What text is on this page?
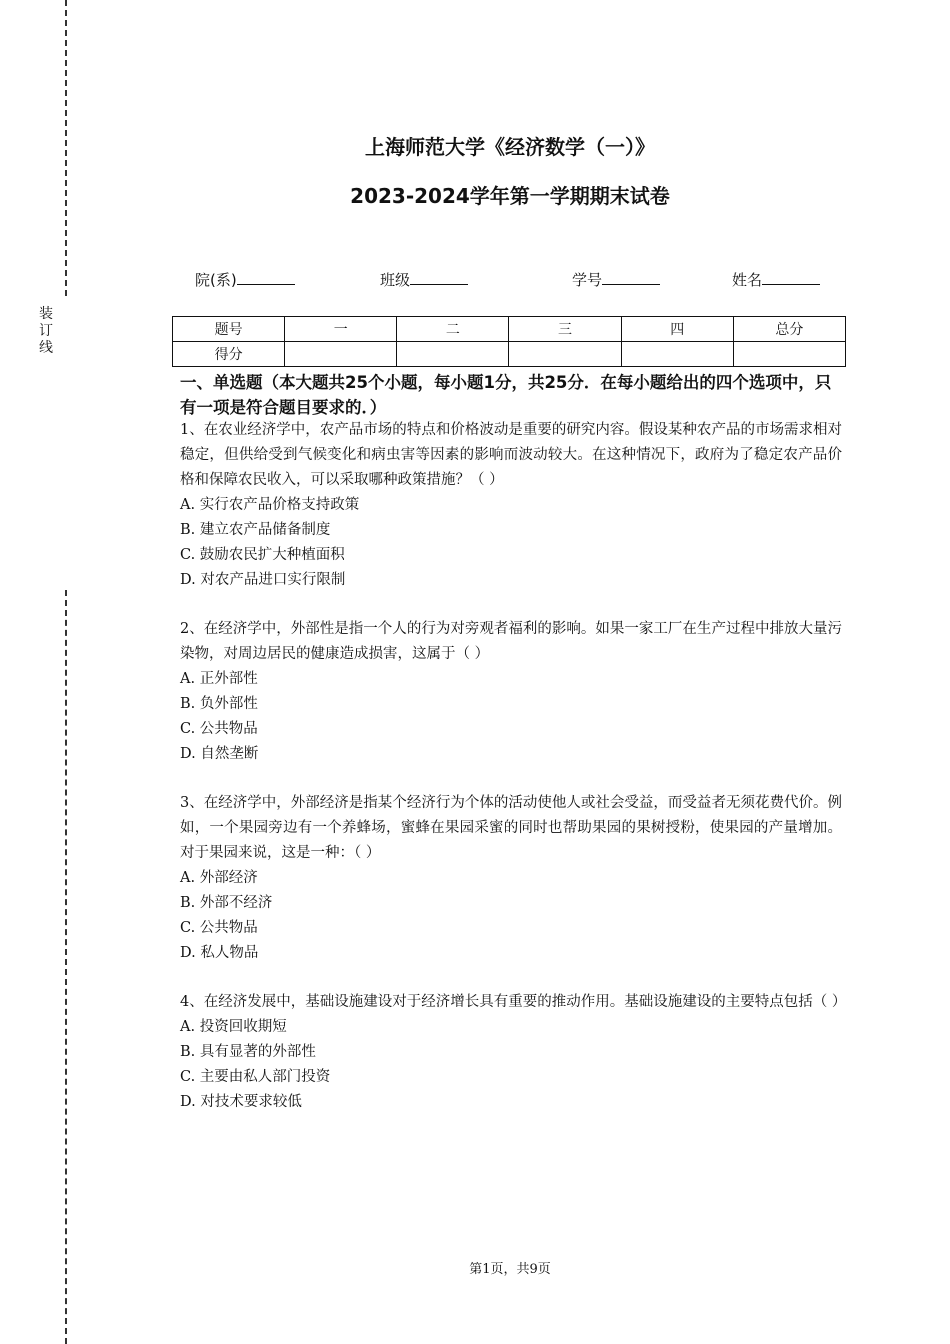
装
订
线
上海师范大学《经济数学（一）》
2023-2024学年第一学期期末试卷
院(系)	班级	学号	姓名
题号	一	二	三	四	总分
得分					
一、单选题（本大题共25个小题，每小题1分，共25分．在每小题给出的四个选项中，只有一项是符合题目要求的．）
1、在农业经济学中，农产品市场的特点和价格波动是重要的研究内容。假设某种农产品的市场需求相对稳定，但供给受到气候变化和病虫害等因素的影响而波动较大。在这种情况下，政府为了稳定农产品价格和保障农民收入，可以采取哪种政策措施？（ ）
A. 实行农产品价格支持政策
B. 建立农产品储备制度
C. 鼓励农民扩大种植面积
D. 对农产品进口实行限制
2、在经济学中，外部性是指一个人的行为对旁观者福利的影响。如果一家工厂在生产过程中排放大量污染物，对周边居民的健康造成损害，这属于（ ）
A. 正外部性
B. 负外部性
C. 公共物品
D. 自然垄断
3、在经济学中，外部经济是指某个经济行为个体的活动使他人或社会受益，而受益者无须花费代价。例如，一个果园旁边有一个养蜂场，蜜蜂在果园采蜜的同时也帮助果园的果树授粉，使果园的产量增加。对于果园来说，这是一种：（ ）
A. 外部经济
B. 外部不经济
C. 公共物品
D. 私人物品
4、在经济发展中，基础设施建设对于经济增长具有重要的推动作用。基础设施建设的主要特点包括（ ）
A. 投资回收期短
B. 具有显著的外部性
C. 主要由私人部门投资
D. 对技术要求较低
第1页，共9页
